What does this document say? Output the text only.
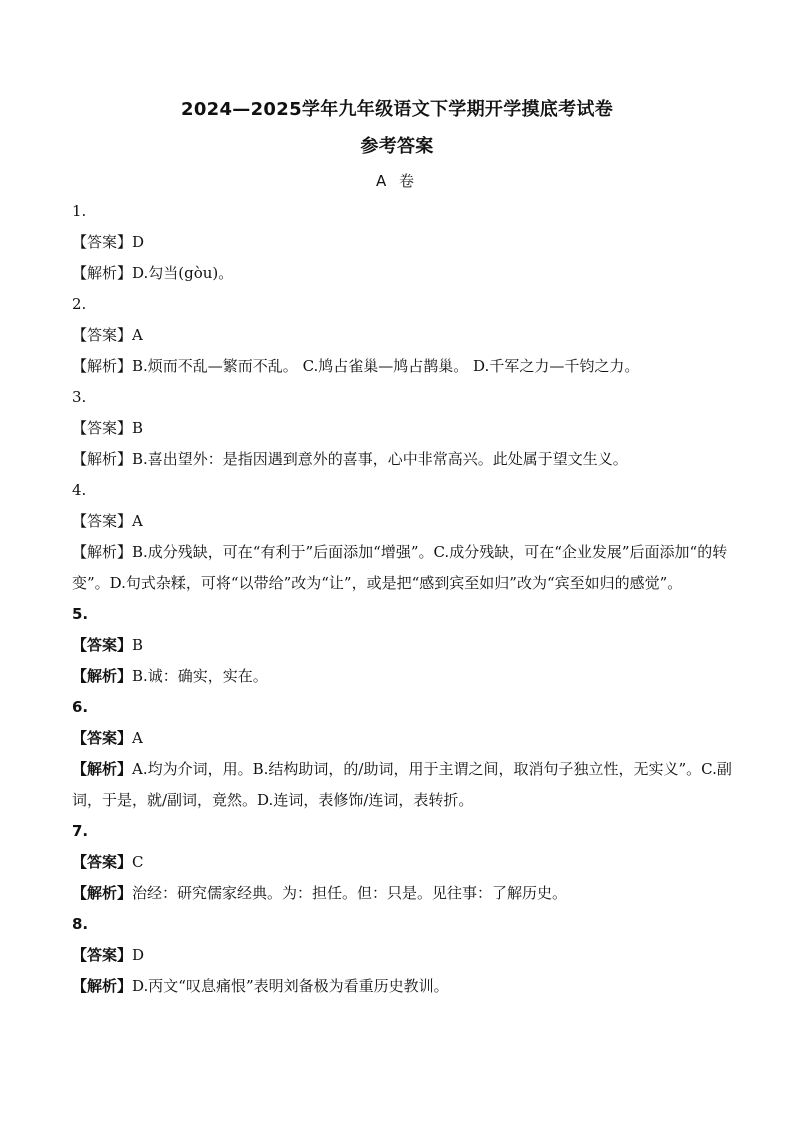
2024—2025学年九年级语文下学期开学摸底考试卷
参考答案
A 卷
1.
【答案】D
【解析】D.勾当(gòu)。
2.
【答案】A
【解析】B.烦而不乱—繁而不乱。 C.鸠占雀巢—鸠占鹊巢。 D.千军之力—千钧之力。
3.
【答案】B
【解析】B.喜出望外：是指因遇到意外的喜事，心中非常高兴。此处属于望文生义。
4.
【答案】A
【解析】B.成分残缺，可在“有利于”后面添加“增强”。C.成分残缺，可在“企业发展”后面添加“的转变”。D.句式杂糅，可将“以带给”改为“让”，或是把“感到宾至如归”改为“宾至如归的感觉”。
5.
【答案】B
【解析】B.诚：确实，实在。
6.
【答案】A
【解析】A.均为介词，用。B.结构助词，的/助词，用于主谓之间，取消句子独立性，无实义”。C.副词，于是，就/副词，竟然。D.连词，表修饰/连词，表转折。
7.
【答案】C
【解析】治经：研究儒家经典。为：担任。但：只是。见往事：了解历史。
8.
【答案】D
【解析】D.丙文“叹息痛恨”表明刘备极为看重历史教训。
